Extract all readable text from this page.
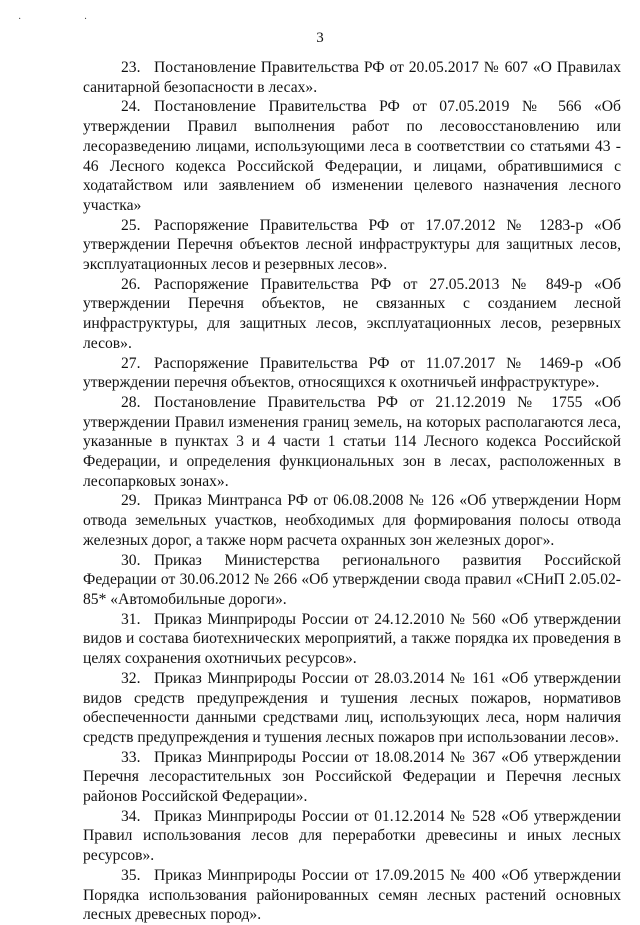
· ·
3

23. Постановление Правительства РФ от 20.05.2017 № 607 «О Правилах санитарной безопасности в лесах».

24. Постановление Правительства РФ от 07.05.2019 № 566 «Об утверждении Правил выполнения работ по лесовосстановлению или лесоразведению лицами, использующими леса в соответствии со статьями 43 - 46 Лесного кодекса Российской Федерации, и лицами, обратившимися с ходатайством или заявлением об изменении целевого назначения лесного участка»

25. Распоряжение Правительства РФ от 17.07.2012 № 1283-р «Об утверждении Перечня объектов лесной инфраструктуры для защитных лесов, эксплуатационных лесов и резервных лесов».

26. Распоряжение Правительства РФ от 27.05.2013 № 849-р «Об утверждении Перечня объектов, не связанных с созданием лесной инфраструктуры, для защитных лесов, эксплуатационных лесов, резервных лесов».

27. Распоряжение Правительства РФ от 11.07.2017 № 1469-р «Об утверждении перечня объектов, относящихся к охотничьей инфраструктуре».

28. Постановление Правительства РФ от 21.12.2019 № 1755 «Об утверждении Правил изменения границ земель, на которых располагаются леса, указанные в пунктах 3 и 4 части 1 статьи 114 Лесного кодекса Российской Федерации, и определения функциональных зон в лесах, расположенных в лесопарковых зонах».

29. Приказ Минтранса РФ от 06.08.2008 № 126 «Об утверждении Норм отвода земельных участков, необходимых для формирования полосы отвода железных дорог, а также норм расчета охранных зон железных дорог».

30. Приказ Министерства регионального развития Российской Федерации от 30.06.2012 № 266 «Об утверждении свода правил «СНиП 2.05.02-85* «Автомобильные дороги».

31. Приказ Минприроды России от 24.12.2010 № 560 «Об утверждении видов и состава биотехнических мероприятий, а также порядка их проведения в целях сохранения охотничьих ресурсов».

32. Приказ Минприроды России от 28.03.2014 № 161 «Об утверждении видов средств предупреждения и тушения лесных пожаров, нормативов обеспеченности данными средствами лиц, использующих леса, норм наличия средств предупреждения и тушения лесных пожаров при использовании лесов».

33. Приказ Минприроды России от 18.08.2014 № 367 «Об утверждении Перечня лесорастительных зон Российской Федерации и Перечня лесных районов Российской Федерации».

34. Приказ Минприроды России от 01.12.2014 № 528 «Об утверждении Правил использования лесов для переработки древесины и иных лесных ресурсов».

35. Приказ Минприроды России от 17.09.2015 № 400 «Об утверждении Порядка использования районированных семян лесных растений основных лесных древесных пород».
